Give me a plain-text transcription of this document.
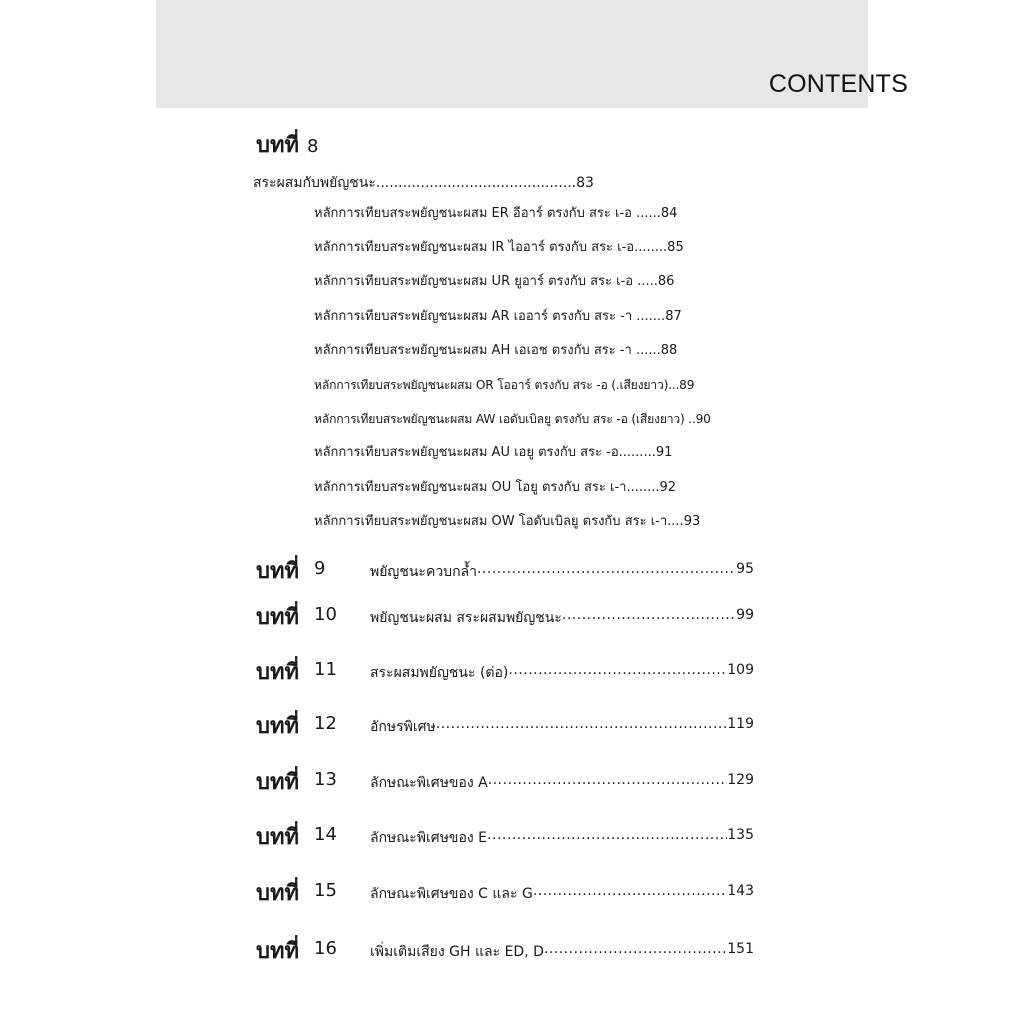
CONTENTS
บทที่ 8
สระผสมกับพยัญชนะ.............................................83
หลักการเทียบสระพยัญชนะผสม ER อีอาร์ ตรงกับ สระ เ-อ ......84
หลักการเทียบสระพยัญชนะผสม IR ไออาร์ ตรงกับ สระ เ-อ........85
หลักการเทียบสระพยัญชนะผสม UR ยูอาร์ ตรงกับ สระ เ-อ .....86
หลักการเทียบสระพยัญชนะผสม AR เออาร์ ตรงกับ สระ -า .......87
หลักการเทียบสระพยัญชนะผสม AH เอเอช ตรงกับ สระ -า ......88
หลักการเทียบสระพยัญชนะผสม OR โออาร์ ตรงกับ สระ -อ (.เสียงยาว)...89
หลักการเทียบสระพยัญชนะผสม AW เอดับเบิลยู ตรงกับ สระ -อ (เสียงยาว) ..90
หลักการเทียบสระพยัญชนะผสม AU เอยู ตรงกับ สระ -อ.........91
หลักการเทียบสระพยัญชนะผสม OU โอยู ตรงกับ สระ เ-า........92
หลักการเทียบสระพยัญชนะผสม OW โอดับเบิลยู ตรงกับ สระ เ-า....93
บทที่ 9	พยัญชนะควบกล้ำ .....	95
บทที่ 10 พยัญชนะผสม สระผสมพยัญชนะ .....	99
บทที่ 11 สระผสมพยัญชนะ (ต่อ) .....	109
บทที่ 12 อักษรพิเศษ .....	119
บทที่ 13 ลักษณะพิเศษของ A .....	129
บทที่ 14 ลักษณะพิเศษของ E .....	135
บทที่ 15 ลักษณะพิเศษของ C และ G .....	143
บทที่ 16 เพิ่มเติมเสียง GH และ ED, D .....	151
